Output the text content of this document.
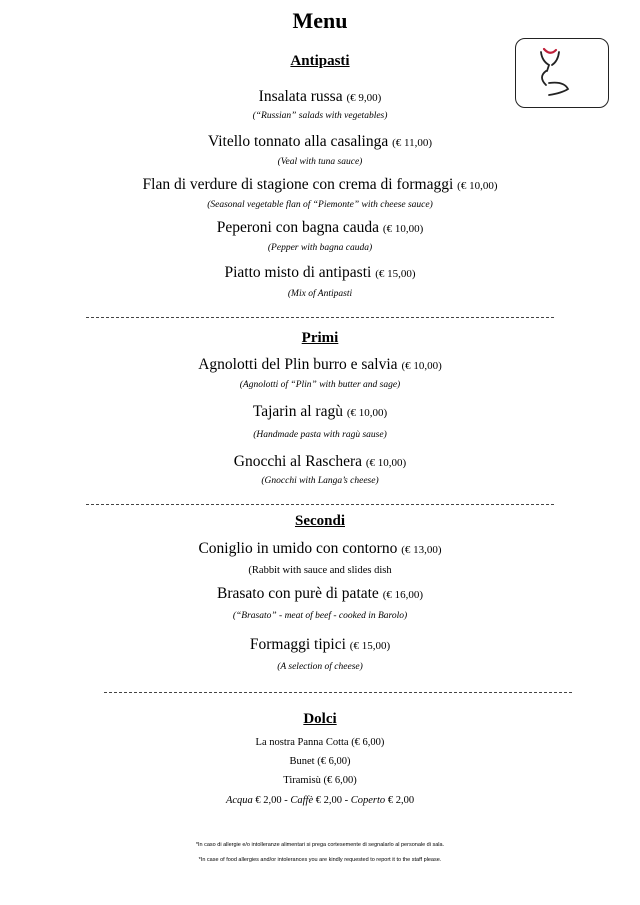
Menu
Antipasti
Insalata russa (€ 9,00)
(“Russian” salads with vegetables)
Vitello tonnato alla casalinga (€ 11,00)
(Veal with tuna sauce)
Flan di verdure di stagione con crema di formaggi (€ 10,00)
(Seasonal vegetable flan of “Piemonte” with cheese sauce)
Peperoni con bagna cauda (€ 10,00)
(Pepper with bagna cauda)
Piatto misto di antipasti (€ 15,00)
(Mix of Antipasti
Primi
Agnolotti del Plin burro e salvia (€ 10,00)
(Agnolotti of “Plin” with butter and sage)
Tajarin al ragù (€ 10,00)
(Handmade pasta with ragù sause)
Gnocchi al Raschera (€ 10,00)
(Gnocchi with Langa’s cheese)
Secondi
Coniglio in umido con contorno (€ 13,00)
(Rabbit with sauce and slides dish
Brasato con purè di patate (€ 16,00)
(“Brasato” - meat of beef - cooked in Barolo)
Formaggi tipici (€ 15,00)
(A selection of cheese)
Dolci
La nostra Panna Cotta (€ 6,00)
Bunet (€ 6,00)
Tiramisù (€ 6,00)
Acqua € 2,00 - Caffè € 2,00 - Coperto € 2,00
*In caso di allergie e/o intolleranze alimentari si prega cortesemente di segnalarlo al personale di sala.
*In case of food allergies and/or intolerances you are kindly requested to report it to the staff please.
